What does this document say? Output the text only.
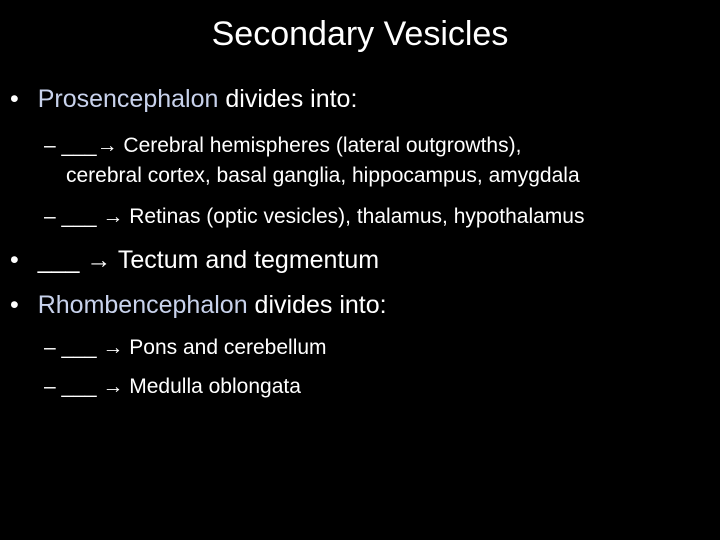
Secondary Vesicles
• Prosencephalon divides into:
– ___→ Cerebral hemispheres (lateral outgrowths),
cerebral cortex, basal ganglia, hippocampus, amygdala
– ___ → Retinas (optic vesicles), thalamus, hypothalamus
• ___ → Tectum and tegmentum
• Rhombencephalon divides into:
– ___ → Pons and cerebellum
– ___ → Medulla oblongata
